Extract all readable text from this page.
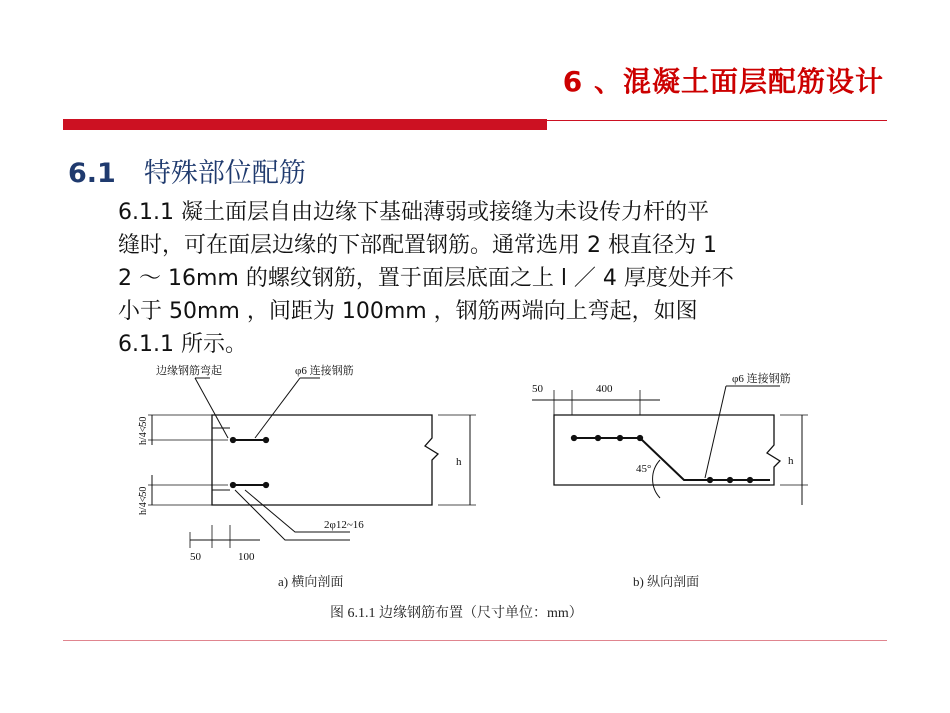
6 、混凝土面层配筋设计
6.1 特殊部位配筋
6.1.1 凝土面层自由边缘下基础薄弱或接缝为未设传力杆的平
缝时，可在面层边缘的下部配置钢筋。通常选用 2 根直径为 1
2 ～ 16mm 的螺纹钢筋，置于面层底面之上 l ／ 4 厚度处并不
小于 50mm ，间距为 100mm ，钢筋两端向上弯起，如图
6.1.1 所示。
边缘钢筋弯起	φ6 连接钢筋
h/4≮50
h/4≮50
h
2φ12~16
50	100
50	400
φ6 连接钢筋
45°
h
a) 横向剖面	b) 纵向剖面
图 6.1.1 边缘钢筋布置（尺寸单位：mm）
